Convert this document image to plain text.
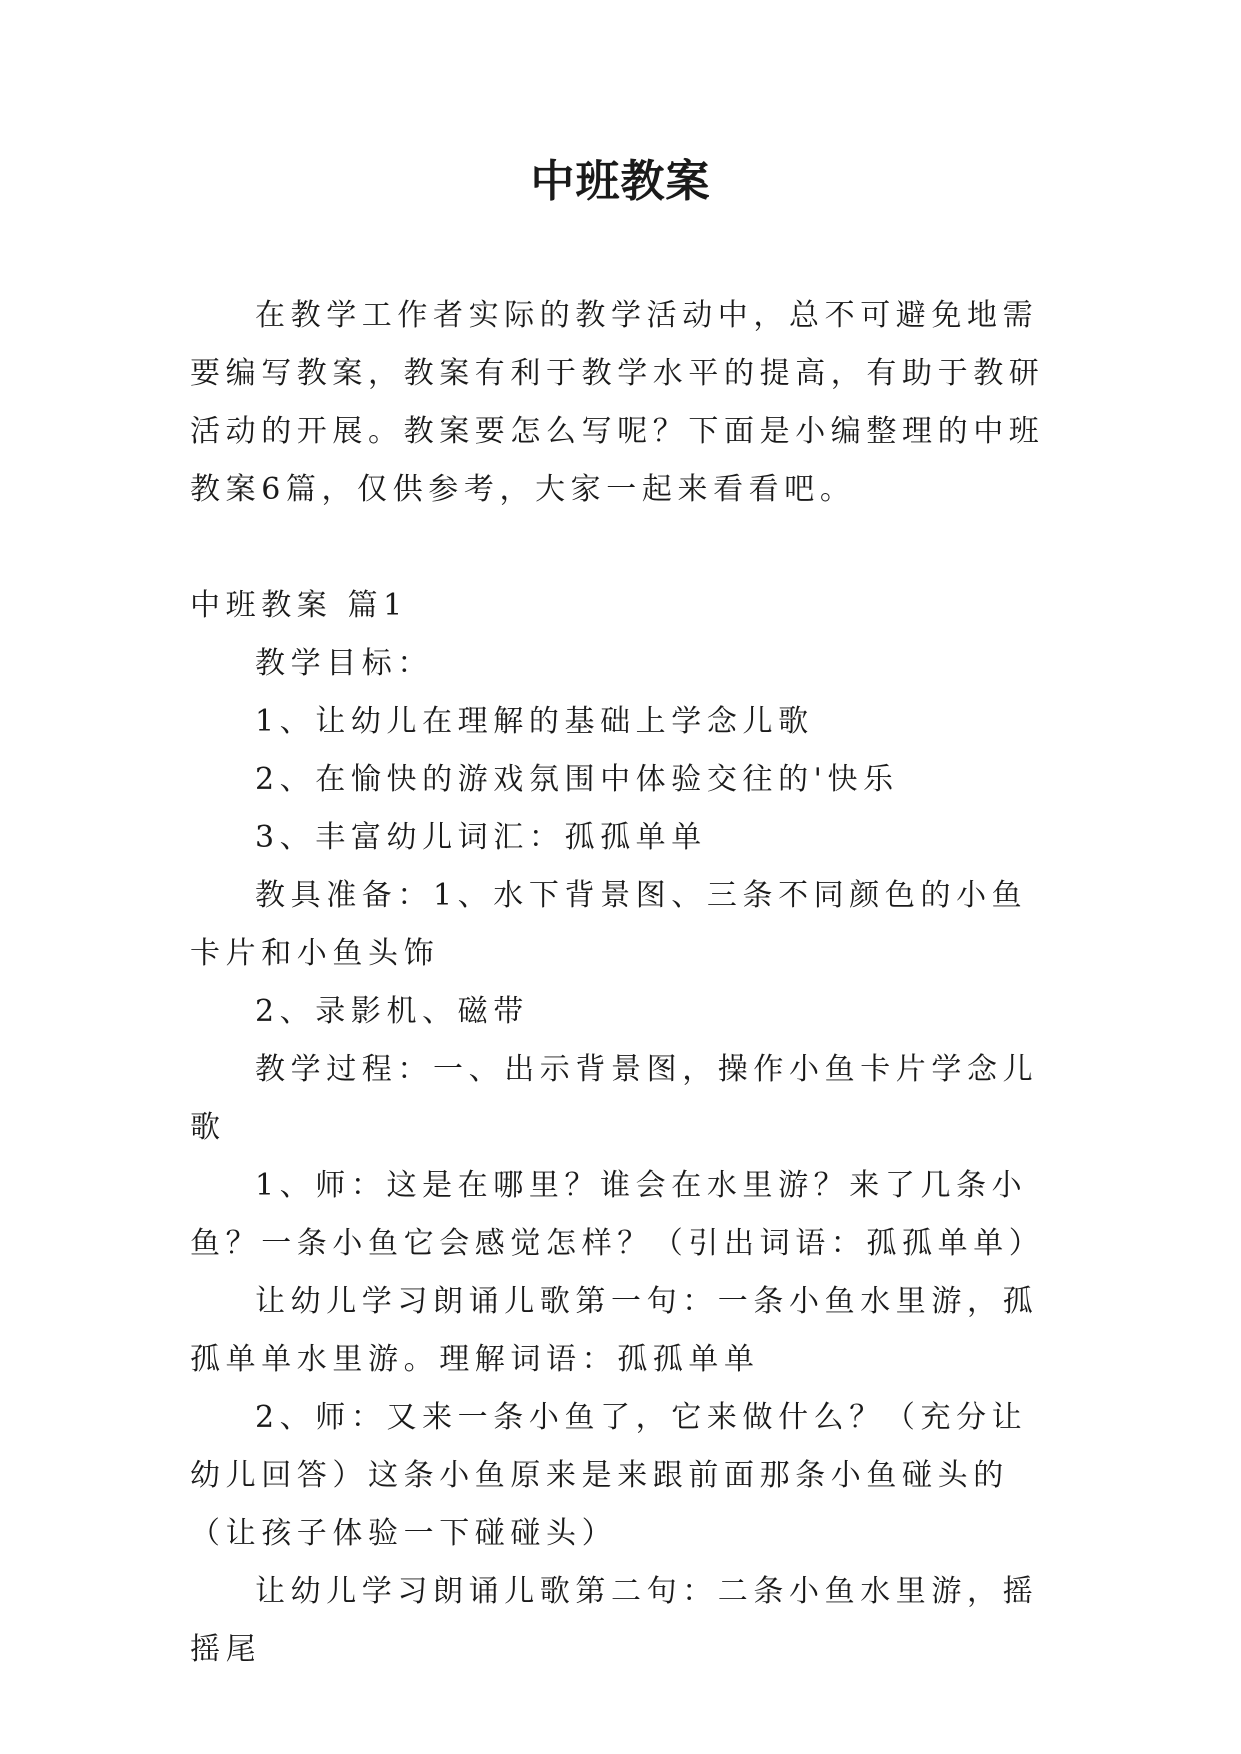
中班教案

在教学工作者实际的教学活动中，总不可避免地需要编写教案，教案有利于教学水平的提高，有助于教研活动的开展。教案要怎么写呢？下面是小编整理的中班教案6篇，仅供参考，大家一起来看看吧。

中班教案 篇1

教学目标：

1、让幼儿在理解的基础上学念儿歌

2、在愉快的游戏氛围中体验交往的'快乐

3、丰富幼儿词汇：孤孤单单

教具准备：1、水下背景图、三条不同颜色的小鱼卡片和小鱼头饰

2、录影机、磁带

教学过程：一、出示背景图，操作小鱼卡片学念儿歌

1、师：这是在哪里？谁会在水里游？来了几条小鱼？一条小鱼它会感觉怎样？（引出词语：孤孤单单）

让幼儿学习朗诵儿歌第一句：一条小鱼水里游，孤孤单单水里游。理解词语：孤孤单单

2、师：又来一条小鱼了，它来做什么？（充分让幼儿回答）这条小鱼原来是来跟前面那条小鱼碰头的（让孩子体验一下碰碰头）

让幼儿学习朗诵儿歌第二句：二条小鱼水里游，摇摇尾
